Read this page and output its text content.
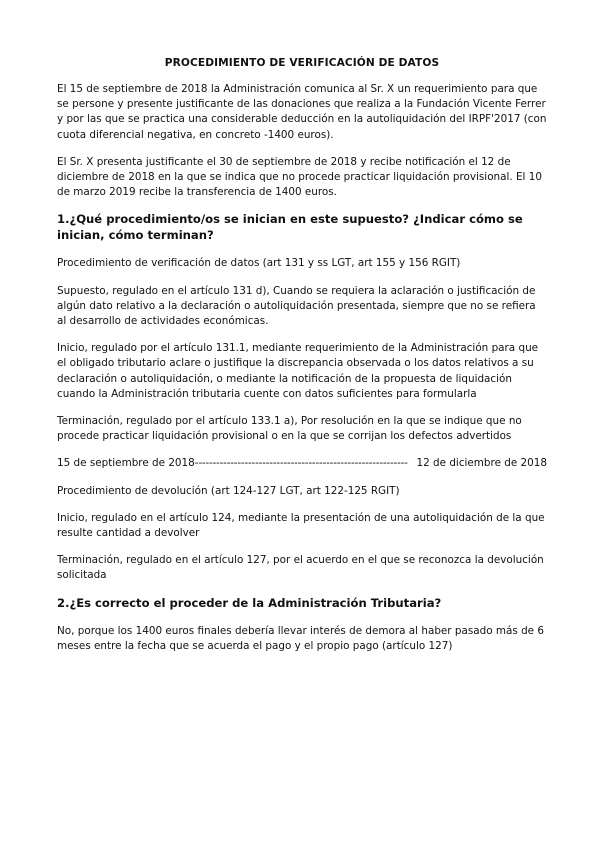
PROCEDIMIENTO DE VERIFICACIÓN DE DATOS

El 15 de septiembre de 2018 la Administración comunica al Sr. X un requerimiento para que se persone y presente justificante de las donaciones que realiza a la Fundación Vicente Ferrer y por las que se practica una considerable deducción en la autoliquidación del IRPF'2017 (con cuota diferencial negativa, en concreto -1400 euros).

El Sr. X presenta justificante el 30 de septiembre de 2018 y recibe notificación el 12 de diciembre de 2018 en la que se indica que no procede practicar liquidación provisional. El 10 de marzo 2019 recibe la transferencia de 1400 euros.

1.¿Qué procedimiento/os se inician en este supuesto? ¿Indicar cómo se inician, cómo terminan?

Procedimiento de verificación de datos (art 131 y ss LGT, art 155 y 156 RGIT)

Supuesto, regulado en el artículo 131 d), Cuando se requiera la aclaración o justificación de algún dato relativo a la declaración o autoliquidación presentada, siempre que no se refiera al desarrollo de actividades económicas.

Inicio, regulado por el artículo 131.1, mediante requerimiento de la Administración para que el obligado tributario aclare o justifique la discrepancia observada o los datos relativos a su declaración o autoliquidación, o mediante la notificación de la propuesta de liquidación cuando la Administración tributaria cuente con datos suficientes para formularla

Terminación, regulado por el artículo 133.1 a), Por resolución en la que se indique que no procede practicar liquidación provisional o en la que se corrijan los defectos advertidos

15 de septiembre de 2018 ------------------------------------------------------------ 12 de diciembre de 2018

Procedimiento de devolución (art 124-127 LGT, art 122-125 RGIT)

Inicio, regulado en el artículo 124, mediante la presentación de una autoliquidación de la que resulte cantidad a devolver

Terminación, regulado en el artículo 127, por el acuerdo en el que se reconozca la devolución solicitada

2.¿Es correcto el proceder de la Administración Tributaria?

No, porque los 1400 euros finales debería llevar interés de demora al haber pasado más de 6 meses entre la fecha que se acuerda el pago y el propio pago (artículo 127)
